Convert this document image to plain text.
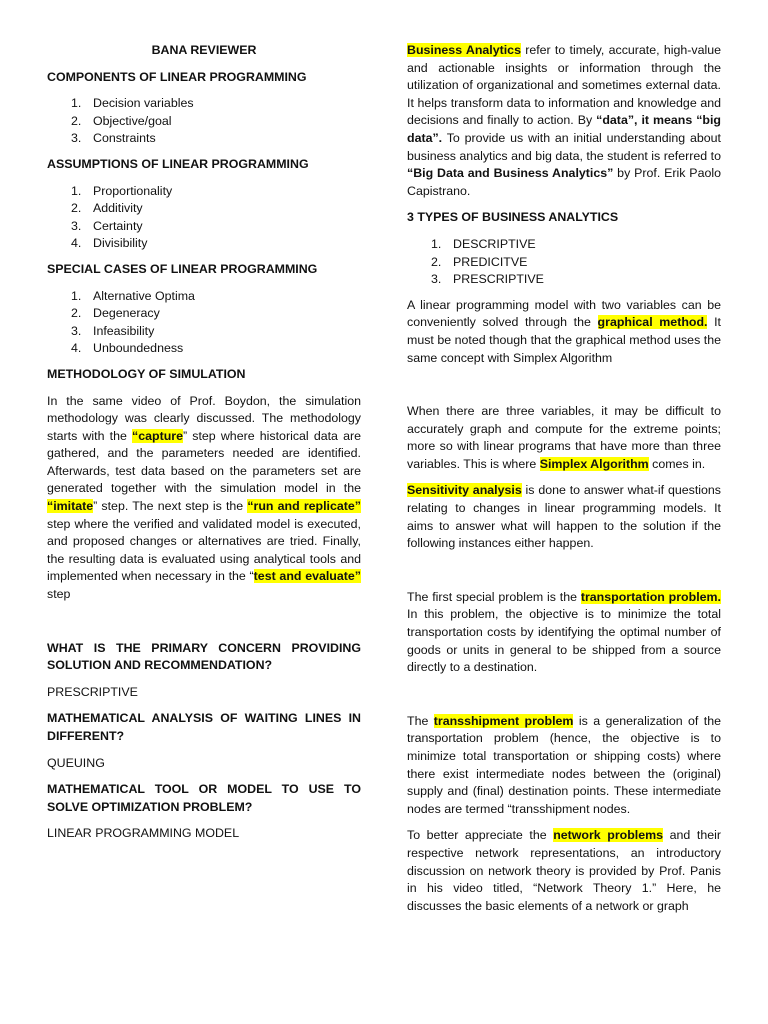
BANA REVIEWER
COMPONENTS OF LINEAR PROGRAMMING
1. Decision variables
2. Objective/goal
3. Constraints
ASSUMPTIONS OF LINEAR PROGRAMMING
1. Proportionality
2. Additivity
3. Certainty
4. Divisibility
SPECIAL CASES OF LINEAR PROGRAMMING
1. Alternative Optima
2. Degeneracy
3. Infeasibility
4. Unboundedness
METHODOLOGY OF SIMULATION

In the same video of Prof. Boydon, the simulation methodology was clearly discussed. The methodology starts with the “capture” step where historical data are gathered, and the parameters needed are identified. Afterwards, test data based on the parameters set are generated together with the simulation model in the “imitate” step. The next step is the “run and replicate” step where the verified and validated model is executed, and proposed changes or alternatives are tried. Finally, the resulting data is evaluated using analytical tools and implemented when necessary in the “test and evaluate” step

WHAT IS THE PRIMARY CONCERN PROVIDING SOLUTION AND RECOMMENDATION?
PRESCRIPTIVE
MATHEMATICAL ANALYSIS OF WAITING LINES IN DIFFERENT?
QUEUING
MATHEMATICAL TOOL OR MODEL TO USE TO SOLVE OPTIMIZATION PROBLEM?
LINEAR PROGRAMMING MODEL

Business Analytics refer to timely, accurate, high-value and actionable insights or information through the utilization of organizational and sometimes external data. It helps transform data to information and knowledge and decisions and finally to action. By “data”, it means “big data”. To provide us with an initial understanding about business analytics and big data, the student is referred to “Big Data and Business Analytics” by Prof. Erik Paolo Capistrano.

3 TYPES OF BUSINESS ANALYTICS
1. DESCRIPTIVE
2. PREDICITVE
3. PRESCRIPTIVE

A linear programming model with two variables can be conveniently solved through the graphical method. It must be noted though that the graphical method uses the same concept with Simplex Algorithm

When there are three variables, it may be difficult to accurately graph and compute for the extreme points; more so with linear programs that have more than three variables. This is where Simplex Algorithm comes in.

Sensitivity analysis is done to answer what-if questions relating to changes in linear programming models. It aims to answer what will happen to the solution if the following instances either happen.

The first special problem is the transportation problem. In this problem, the objective is to minimize the total transportation costs by identifying the optimal number of goods or units in general to be shipped from a source directly to a destination.

The transshipment problem is a generalization of the transportation problem (hence, the objective is to minimize total transportation or shipping costs) where there exist intermediate nodes between the (original) supply and (final) destination points. These intermediate nodes are termed “transshipment nodes.

To better appreciate the network problems and their respective network representations, an introductory discussion on network theory is provided by Prof. Panis in his video titled, “Network Theory 1.” Here, he discusses the basic elements of a network or graph
